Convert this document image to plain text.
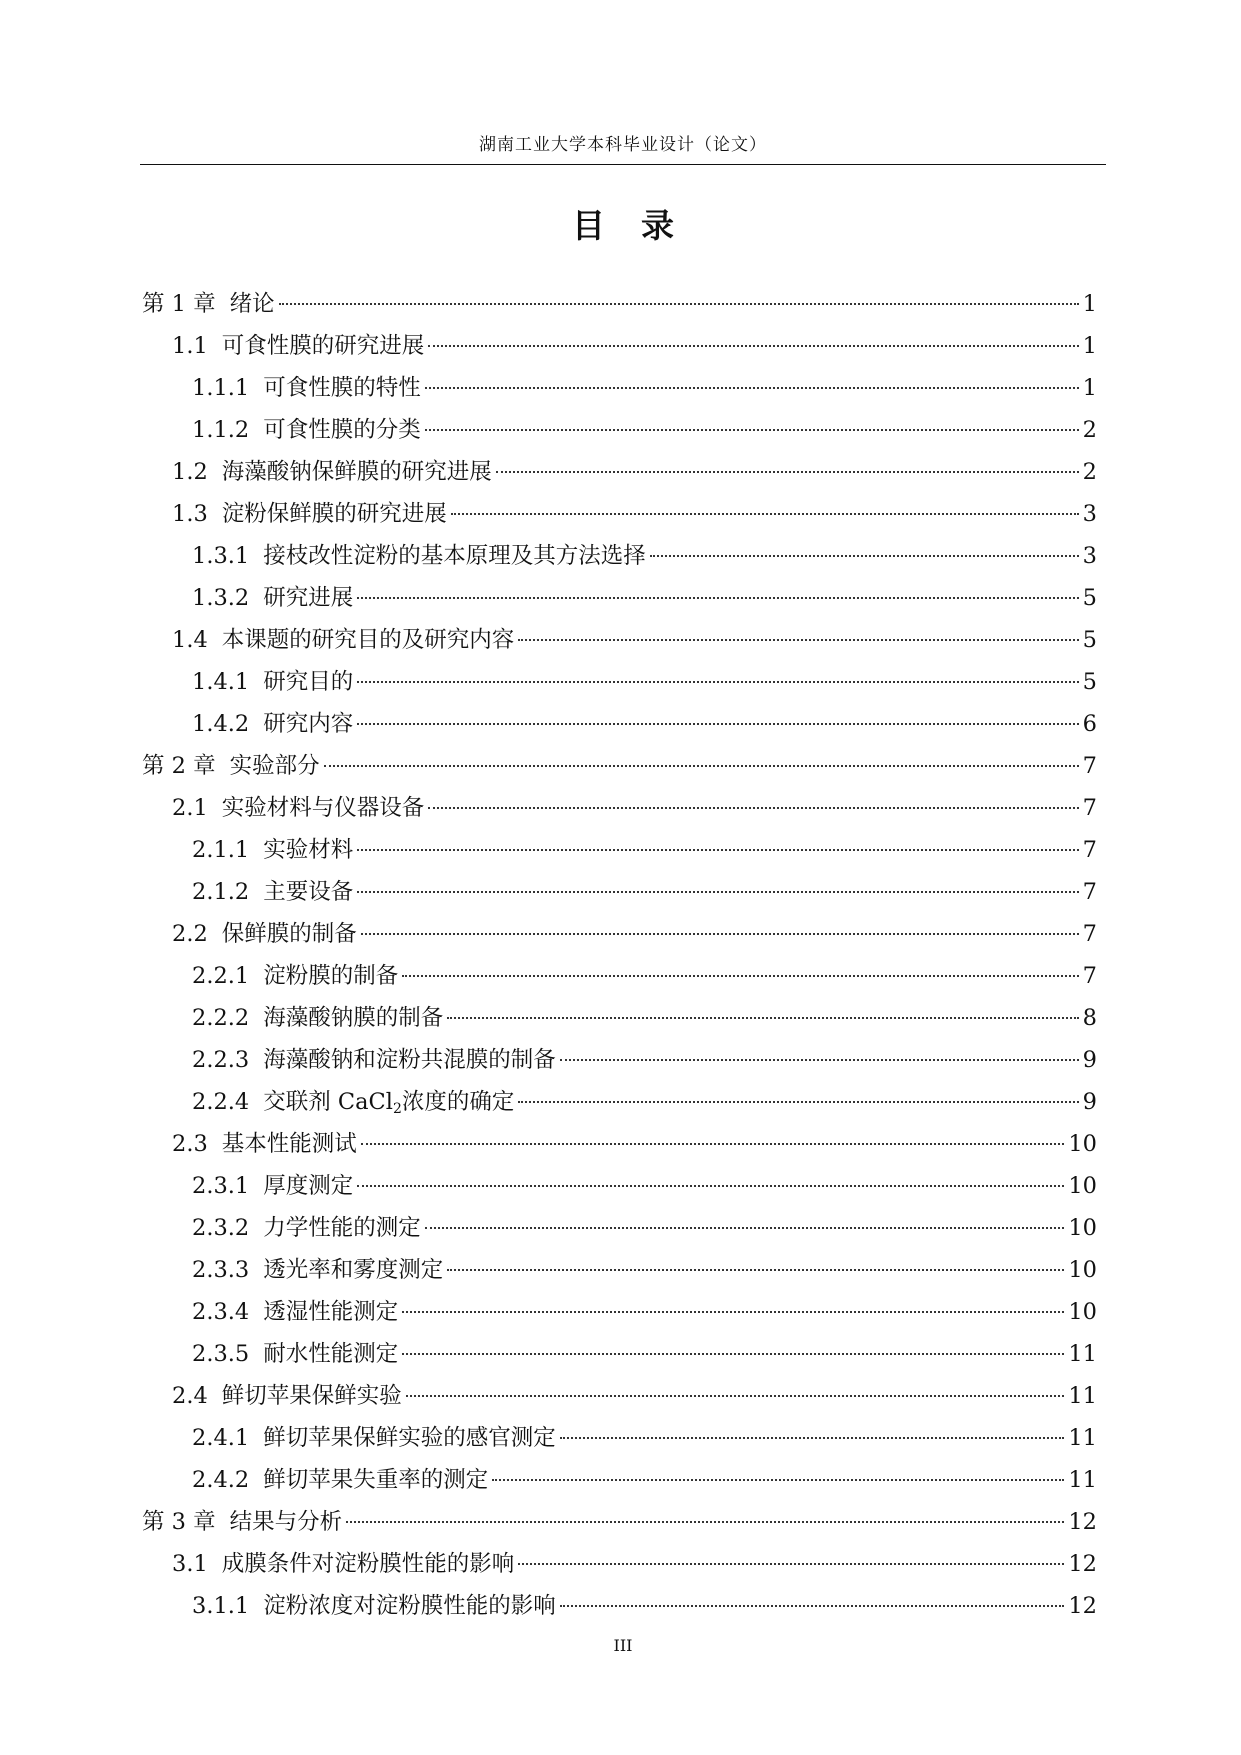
湖南工业大学本科毕业设计（论文）
目录
第 1 章 绪论	1
1.1 可食性膜的研究进展	1
1.1.1 可食性膜的特性	1
1.1.2 可食性膜的分类	2
1.2 海藻酸钠保鲜膜的研究进展	2
1.3 淀粉保鲜膜的研究进展	3
1.3.1 接枝改性淀粉的基本原理及其方法选择	3
1.3.2 研究进展	5
1.4 本课题的研究目的及研究内容	5
1.4.1 研究目的	5
1.4.2 研究内容	6
第 2 章 实验部分	7
2.1 实验材料与仪器设备	7
2.1.1 实验材料	7
2.1.2 主要设备	7
2.2 保鲜膜的制备	7
2.2.1 淀粉膜的制备	7
2.2.2 海藻酸钠膜的制备	8
2.2.3 海藻酸钠和淀粉共混膜的制备	9
2.2.4 交联剂 CaCl$_2$浓度的确定	9
2.3 基本性能测试	10
2.3.1 厚度测定	10
2.3.2 力学性能的测定	10
2.3.3 透光率和雾度测定	10
2.3.4 透湿性能测定	10
2.3.5 耐水性能测定	11
2.4 鲜切苹果保鲜实验	11
2.4.1 鲜切苹果保鲜实验的感官测定	11
2.4.2 鲜切苹果失重率的测定	11
第 3 章 结果与分析	12
3.1 成膜条件对淀粉膜性能的影响	12
3.1.1 淀粉浓度对淀粉膜性能的影响	12
III
